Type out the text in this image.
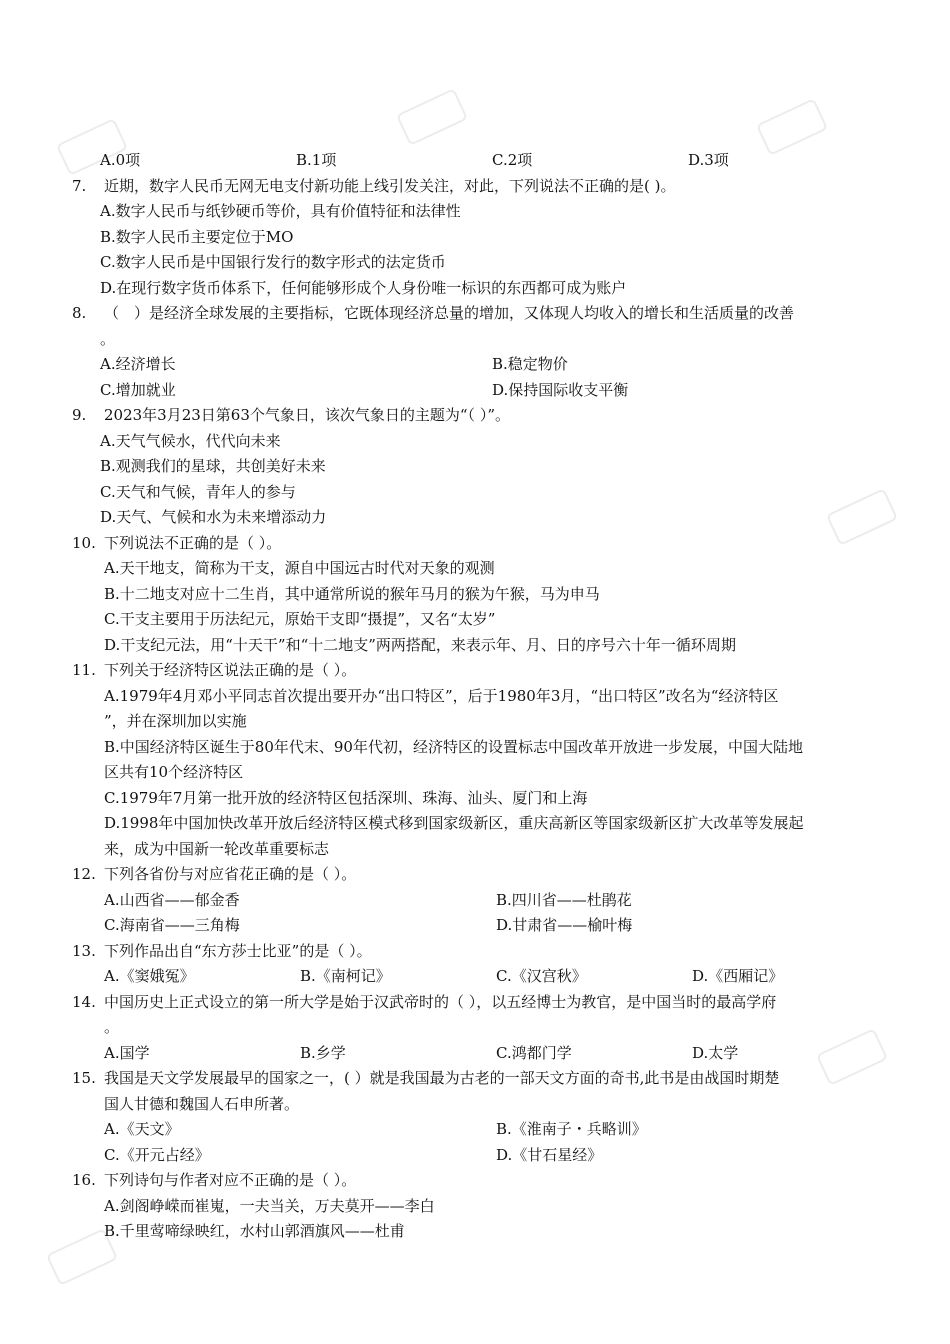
A.0项	B.1项	C.2项	D.3项
7.	近期，数字人民币无网无电支付新功能上线引发关注，对此，下列说法不正确的是( )。
A.数字人民币与纸钞硬币等价，具有价值特征和法律性
B.数字人民币主要定位于MO
C.数字人民币是中国银行发行的数字形式的法定货币
D.在现行数字货币体系下，任何能够形成个人身份唯一标识的东西都可成为账户
8.	（　）是经济全球发展的主要指标，它既体现经济总量的增加，又体现人均收入的增长和生活质量的改善
。
A.经济增长	B.稳定物价
C.增加就业	D.保持国际收支平衡
9.	2023年3月23日第63个气象日，该次气象日的主题为“（ ）”。
A.天气气候水，代代向未来
B.观测我们的星球，共创美好未来
C.天气和气候，青年人的参与
D.天气、气候和水为未来增添动力
10. 下列说法不正确的是（ ）。
A.天干地支，简称为干支，源自中国远古时代对天象的观测
B.十二地支对应十二生肖，其中通常所说的猴年马月的猴为午猴，马为申马
C.干支主要用于历法纪元，原始干支即“摄提”，又名“太岁”
D.干支纪元法，用“十天干”和“十二地支”两两搭配，来表示年、月、日的序号六十年一循环周期
11. 下列关于经济特区说法正确的是（ ）。
A.1979年4月邓小平同志首次提出要开办“出口特区”，后于1980年3月，“出口特区”改名为“经济特区
”，并在深圳加以实施
B.中国经济特区诞生于80年代末、90年代初，经济特区的设置标志中国改革开放进一步发展，中国大陆地
区共有10个经济特区
C.1979年7月第一批开放的经济特区包括深圳、珠海、汕头、厦门和上海
D.1998年中国加快改革开放后经济特区模式移到国家级新区，重庆高新区等国家级新区扩大改革等发展起
来，成为中国新一轮改革重要标志
12. 下列各省份与对应省花正确的是（ ）。
A.山西省——郁金香	B.四川省——杜鹃花
C.海南省——三角梅	D.甘肃省——榆叶梅
13. 下列作品出自“东方莎士比亚”的是（ ）。
A.《窦娥冤》	B.《南柯记》	C.《汉宫秋》	D.《西厢记》
14. 中国历史上正式设立的第一所大学是始于汉武帝时的（ ），以五经博士为教官，是中国当时的最高学府
。
A.国学	B.乡学	C.鸿都门学	D.太学
15. 我国是天文学发展最早的国家之一，( ）就是我国最为古老的一部天文方面的奇书,此书是由战国时期楚
国人甘德和魏国人石申所著。
A.《天文》	B.《淮南子・兵略训》
C.《开元占经》	D.《甘石星经》
16. 下列诗句与作者对应不正确的是（ ）。
A.剑阁峥嵘而崔嵬，一夫当关，万夫莫开——李白
B.千里莺啼绿映红，水村山郭酒旗风——杜甫
